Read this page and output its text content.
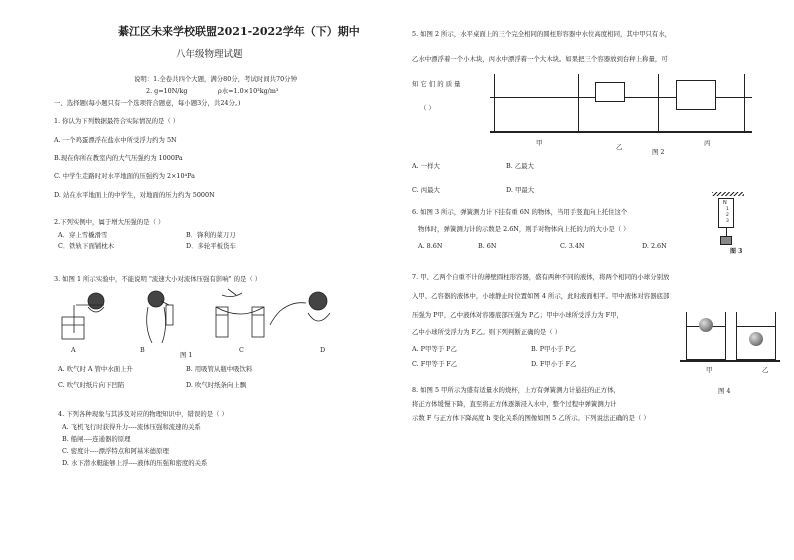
綦江区未来学校联盟2021-2022学年（下）期中
八年级物理试题
说明：1.全卷共四个大题，满分80分，考试时间共70分钟
2. g=10N/kg	ρ水=1.0×10³kg/m³
一、选择题(每小题只有一个选项符合题意，每小题3分，共24分。)
1. 你认为下列数据最符合实际情况的是（ ）
A. 一个鸡蛋漂浮在盐水中所受浮力约为 5N
B.现在你所在教室内的大气压强约为 1000Pa
C. 中学生走路时对水平地面的压强约为 2×10⁴Pa
D. 站在水平地面上的中学生，对地面的压力约为 5000N
2.下列实例中，属于增大压强的是（ ）
A．穿上雪橇滑雪	B．锋利的菜刀刀
C．铁轨下面铺枕木	D．多轮平板货车
3. 如图 1 所示实验中，不能说明 "流速大小对流体压强有影响" 的是（ ）
A	B	C	D
图 1
A. 吹气时 A 管中水面上升	B. 用吸管从瓶中吸饮料
C. 吹气时纸片向下凹陷	D. 吹气时纸条向上飘
4. 下列各种现象与其涉及对应的物理知识中，错误的是（ ）
A. 飞机飞行时获得升力----流体压强和流速的关系
B. 船闸----连通器的原理
C. 密度计----漂浮特点和阿基米德原理
D. 水下潜水艇能够上浮----液体的压强和密度的关系
5. 如图 2 所示，水平桌面上的三个完全相同的圆柱形容器中水位高度相同，其中甲只有水，
乙水中漂浮着一个小木块，丙水中漂浮着一个大木块。如果把三个容器放到台秤上称量，可
知 它 们 的 质 量
（ ）
甲	乙	丙
图 2
A. 一样大	B. 乙最大
C. 丙最大	D. 甲最大
6. 如图 3 所示，弹簧测力计下挂有重 6N 的物体，当用手竖直向上托住这个
物体时，弹簧测力计的示数是 2.6N，则手对物体向上托的力的大小是（ ）
A. 8.6N	B. 6N	C. 3.4N	D. 2.6N
N
1
2
3
图 3
7. 甲、乙两个自重不计的薄壁圆柱形容器，盛有两种不同的液体，将两个相同的小球分别放
入甲、乙容器的液体中，小球静止时位置如图 4 所示，此时液面相平。甲中液体对容器底部
压强为 P甲，乙中液体对容器底部压强为 P乙；甲中小球所受浮力为 F甲，
乙中小球所受浮力为 F乙。则下列判断正确的是（ ）
A. P甲等于 P乙	B. P甲小于 P乙
C. F甲等于 F乙	D. F甲小于 F乙
甲	乙
图 4
8. 如图 5 甲所示为盛有适量水的烧杯，上方有弹簧测力计悬挂的正方体，
将正方体缓慢下降，直至将正方体逐渐浸入水中，整个过程中弹簧测力计
示数 F 与正方体下降高度 h 变化关系的图像如图 5 乙所示。下列说法正确的是（ ）
